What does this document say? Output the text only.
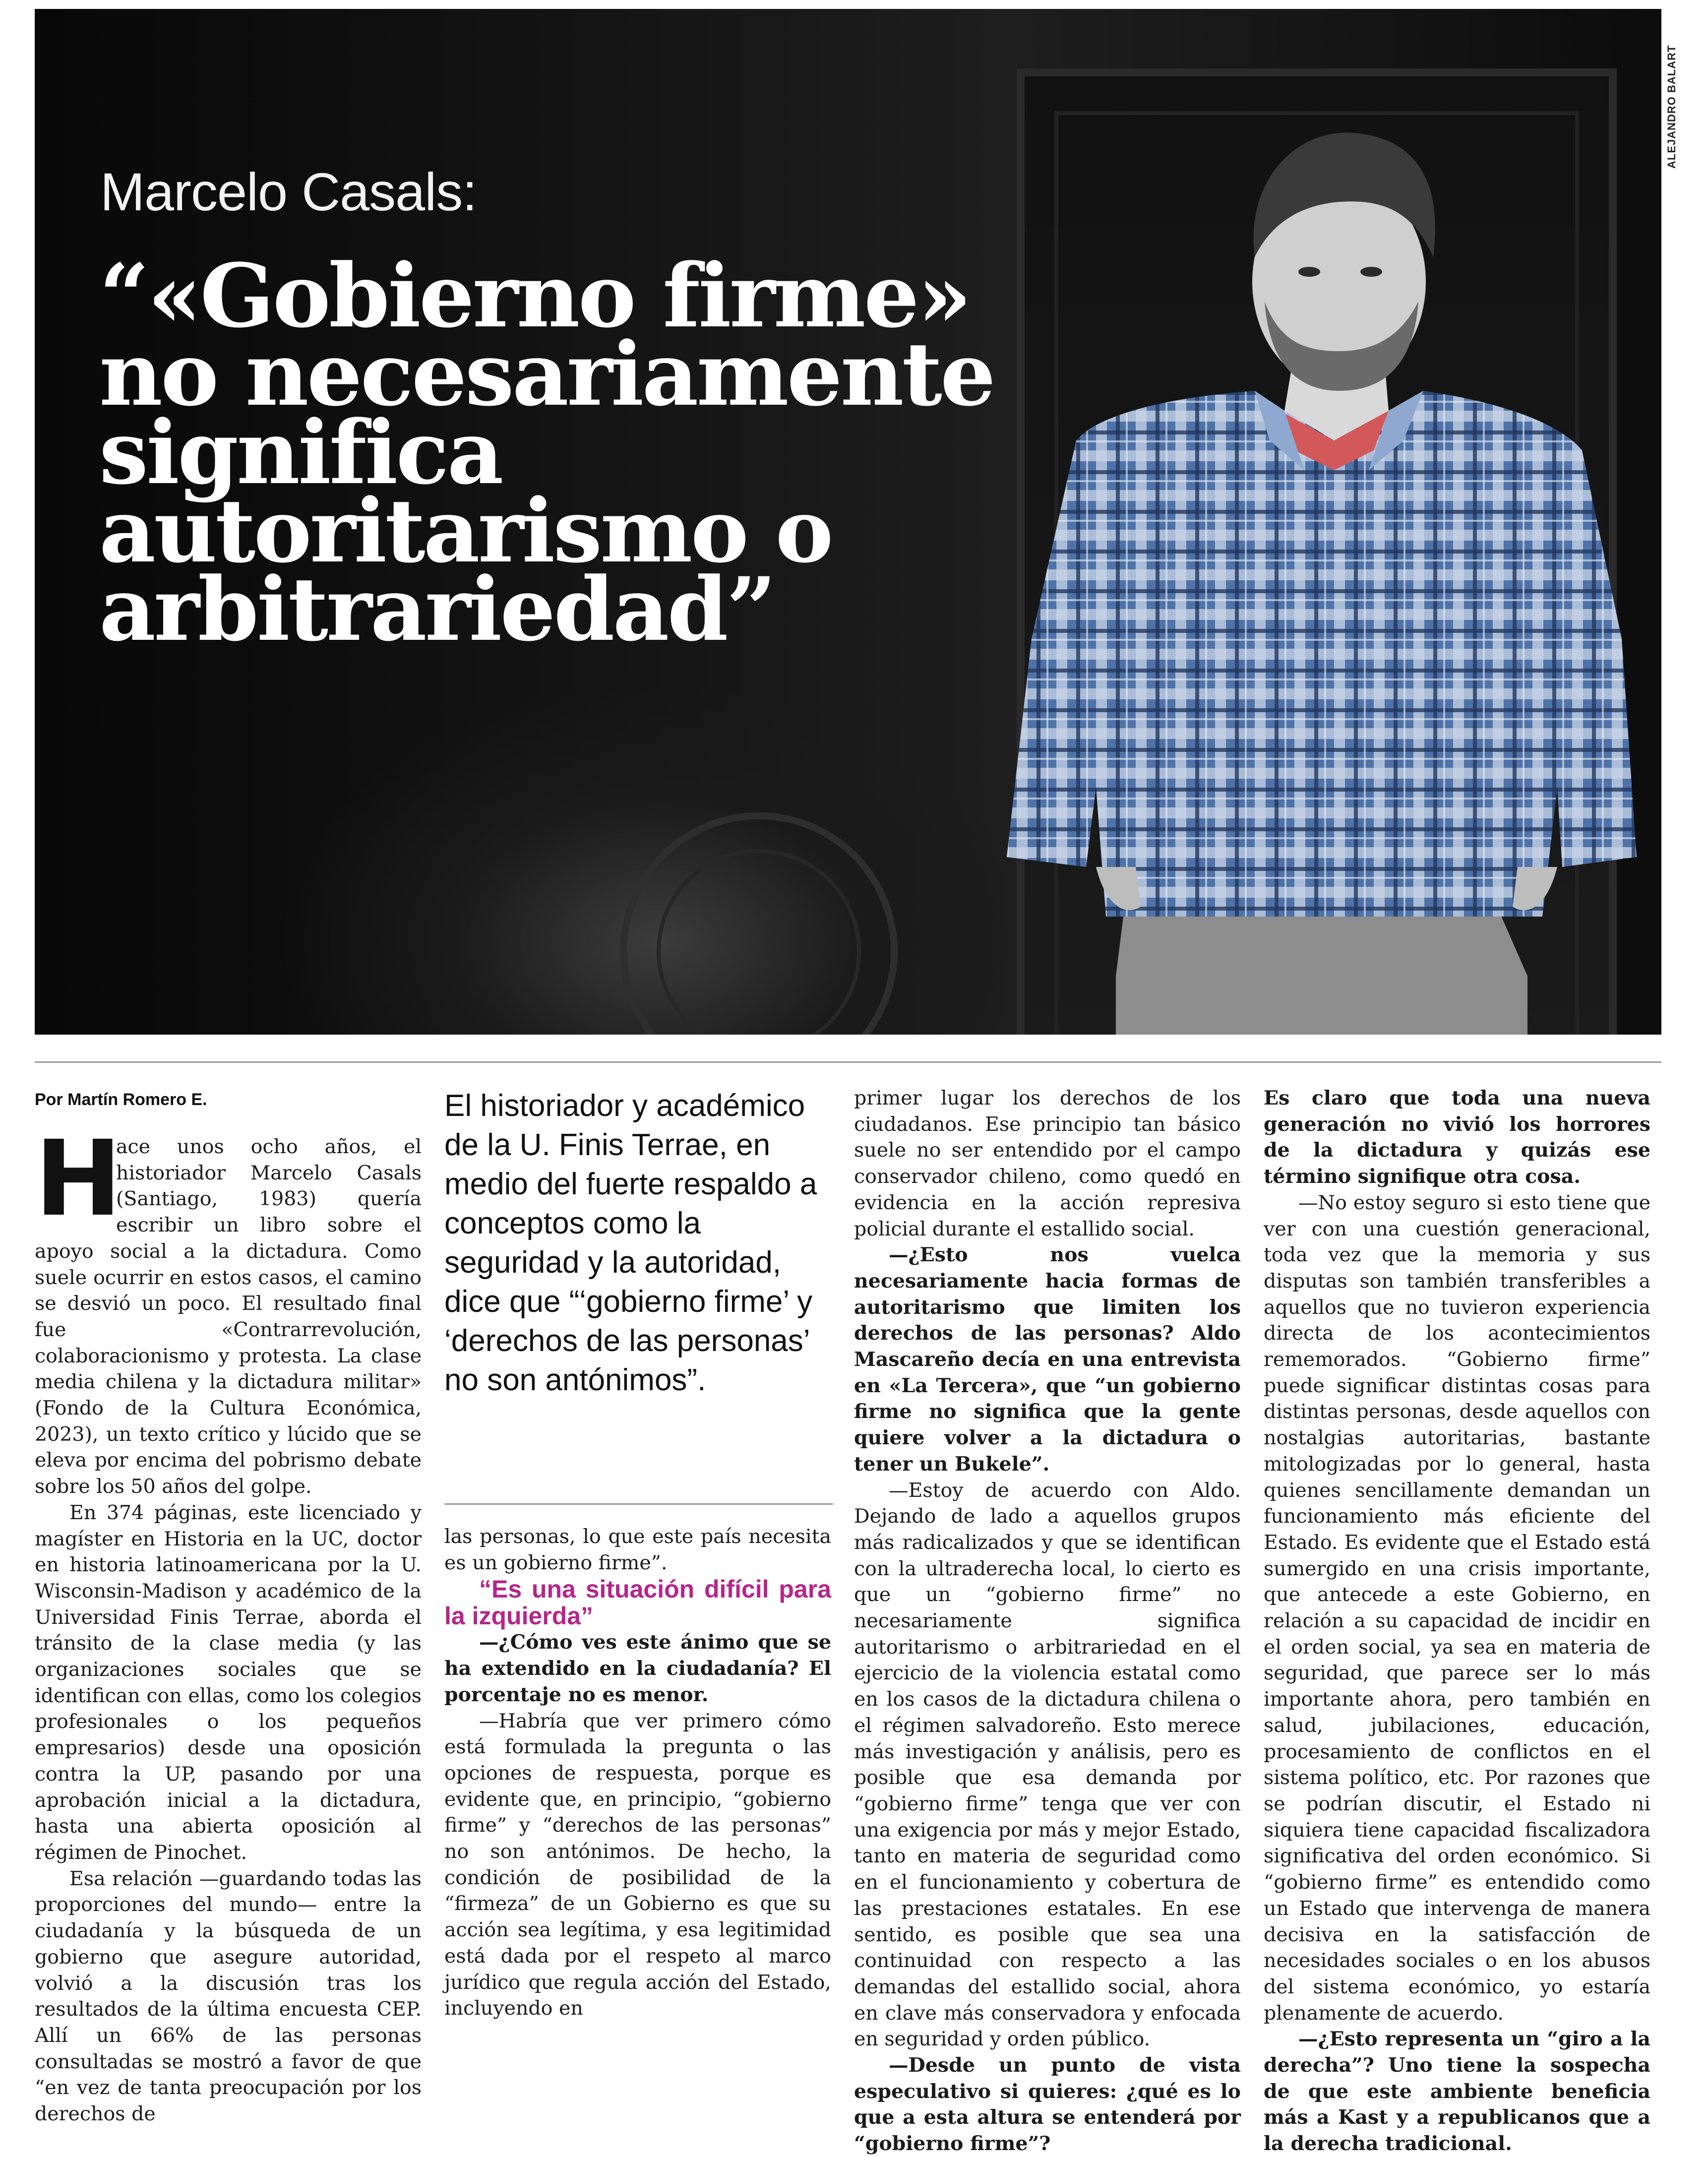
Marcelo Casals:
“«Gobierno firme»
no necesariamente
significa
autoritarismo o
arbitrariedad”
ALEJANDRO BALART
Por Martín Romero E.

H
ace unos ocho años, el historiador Marcelo Casals (Santiago, 1983) quería escribir un libro sobre el apoyo social a la dictadura. Como suele ocurrir en estos casos, el camino se desvió un poco. El resultado final fue «Contrarrevolución, colaboracionismo y protesta. La clase media chilena y la dictadura militar» (Fondo de la Cultura Económica, 2023), un texto crítico y lúcido que se eleva por encima del pobrismo debate sobre los 50 años del golpe.

En 374 páginas, este licenciado y magíster en Historia en la UC, doctor en historia latinoamericana por la U. Wisconsin-Madison y académico de la Universidad Finis Terrae, aborda el tránsito de la clase media (y las organizaciones sociales que se identifican con ellas, como los colegios profesionales o los pequeños empresarios) desde una oposición contra la UP, pasando por una aprobación inicial a la dictadura, hasta una abierta oposición al régimen de Pinochet.

Esa relación —guardando todas las proporciones del mundo— entre la ciudadanía y la búsqueda de un gobierno que asegure autoridad, volvió a la discusión tras los resultados de la última encuesta CEP. Allí un 66% de las personas consultadas se mostró a favor de que “en vez de tanta preocupación por los derechos de

El historiador y académico de la U. Finis Terrae, en medio del fuerte respaldo a conceptos como la seguridad y la autoridad, dice que “‘gobierno firme’ y ‘derechos de las personas’ no son antónimos”.

las personas, lo que este país necesita es un gobierno firme”.

“Es una situación difícil para la izquierda”

—¿Cómo ves este ánimo que se ha extendido en la ciudadanía? El porcentaje no es menor.

—Habría que ver primero cómo está formulada la pregunta o las opciones de respuesta, porque es evidente que, en principio, “gobierno firme” y “derechos de las personas” no son antónimos. De hecho, la condición de posibilidad de la “firmeza” de un Gobierno es que su acción sea legítima, y esa legitimidad está dada por el respeto al marco jurídico que regula acción del Estado, incluyendo en

primer lugar los derechos de los ciudadanos. Ese principio tan básico suele no ser entendido por el campo conservador chileno, como quedó en evidencia en la acción represiva policial durante el estallido social.

—¿Esto nos vuelca necesariamente hacia formas de autoritarismo que limiten los derechos de las personas? Aldo Mascareño decía en una entrevista en «La Tercera», que “un gobierno firme no significa que la gente quiere volver a la dictadura o tener un Bukele”.

—Estoy de acuerdo con Aldo. Dejando de lado a aquellos grupos más radicalizados y que se identifican con la ultraderecha local, lo cierto es que un “gobierno firme” no necesariamente significa autoritarismo o arbitrariedad en el ejercicio de la violencia estatal como en los casos de la dictadura chilena o el régimen salvadoreño. Esto merece más investigación y análisis, pero es posible que esa demanda por “gobierno firme” tenga que ver con una exigencia por más y mejor Estado, tanto en materia de seguridad como en el funcionamiento y cobertura de las prestaciones estatales. En ese sentido, es posible que sea una continuidad con respecto a las demandas del estallido social, ahora en clave más conservadora y enfocada en seguridad y orden público.

—Desde un punto de vista especulativo si quieres: ¿qué es lo que a esta altura se entenderá por “gobierno firme”?

Es claro que toda una nueva generación no vivió los horrores de la dictadura y quizás ese término signifique otra cosa.

—No estoy seguro si esto tiene que ver con una cuestión generacional, toda vez que la memoria y sus disputas son también transferibles a aquellos que no tuvieron experiencia directa de los acontecimientos rememorados. “Gobierno firme” puede significar distintas cosas para distintas personas, desde aquellos con nostalgias autoritarias, bastante mitologizadas por lo general, hasta quienes sencillamente demandan un funcionamiento más eficiente del Estado. Es evidente que el Estado está sumergido en una crisis importante, que antecede a este Gobierno, en relación a su capacidad de incidir en el orden social, ya sea en materia de seguridad, que parece ser lo más importante ahora, pero también en salud, jubilaciones, educación, procesamiento de conflictos en el sistema político, etc. Por razones que se podrían discutir, el Estado ni siquiera tiene capacidad fiscalizadora significativa del orden económico. Si “gobierno firme” es entendido como un Estado que intervenga de manera decisiva en la satisfacción de necesidades sociales o en los abusos del sistema económico, yo estaría plenamente de acuerdo.

—¿Esto representa un “giro a la derecha”? Uno tiene la sospecha de que este ambiente beneficia más a Kast y a republicanos que a la derecha tradicional.
